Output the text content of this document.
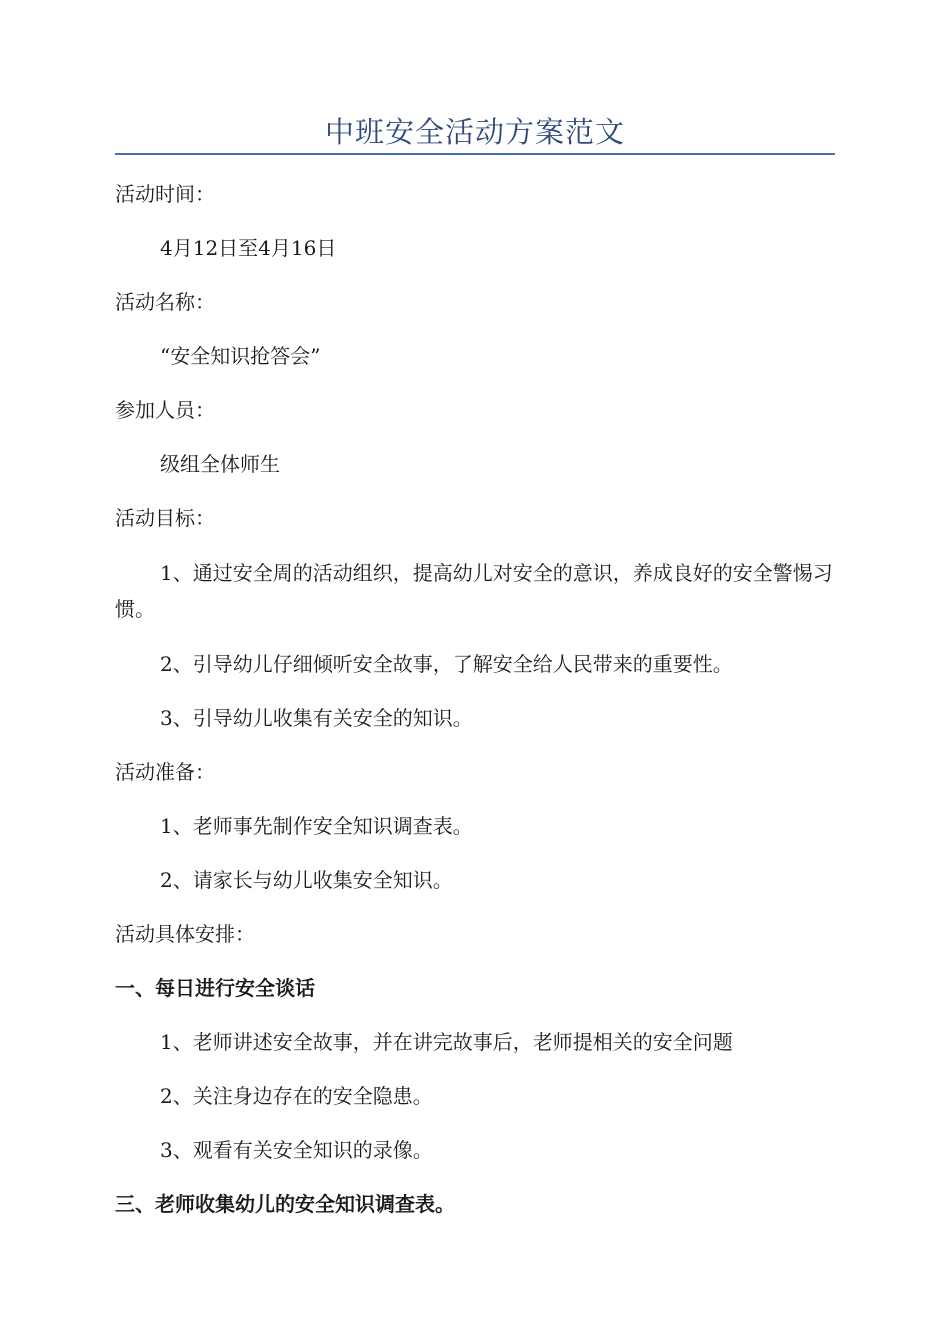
中班安全活动方案范文
活动时间：
4月12日至4月16日
活动名称：
“安全知识抢答会”
参加人员：
级组全体师生
活动目标：
1、通过安全周的活动组织，提高幼儿对安全的意识，养成良好的安全警惕习惯。
2、引导幼儿仔细倾听安全故事，了解安全给人民带来的重要性。
3、引导幼儿收集有关安全的知识。
活动准备：
1、老师事先制作安全知识调查表。
2、请家长与幼儿收集安全知识。
活动具体安排：
一、每日进行安全谈话
1、老师讲述安全故事，并在讲完故事后，老师提相关的安全问题
2、关注身边存在的安全隐患。
3、观看有关安全知识的录像。
三、老师收集幼儿的安全知识调查表。
